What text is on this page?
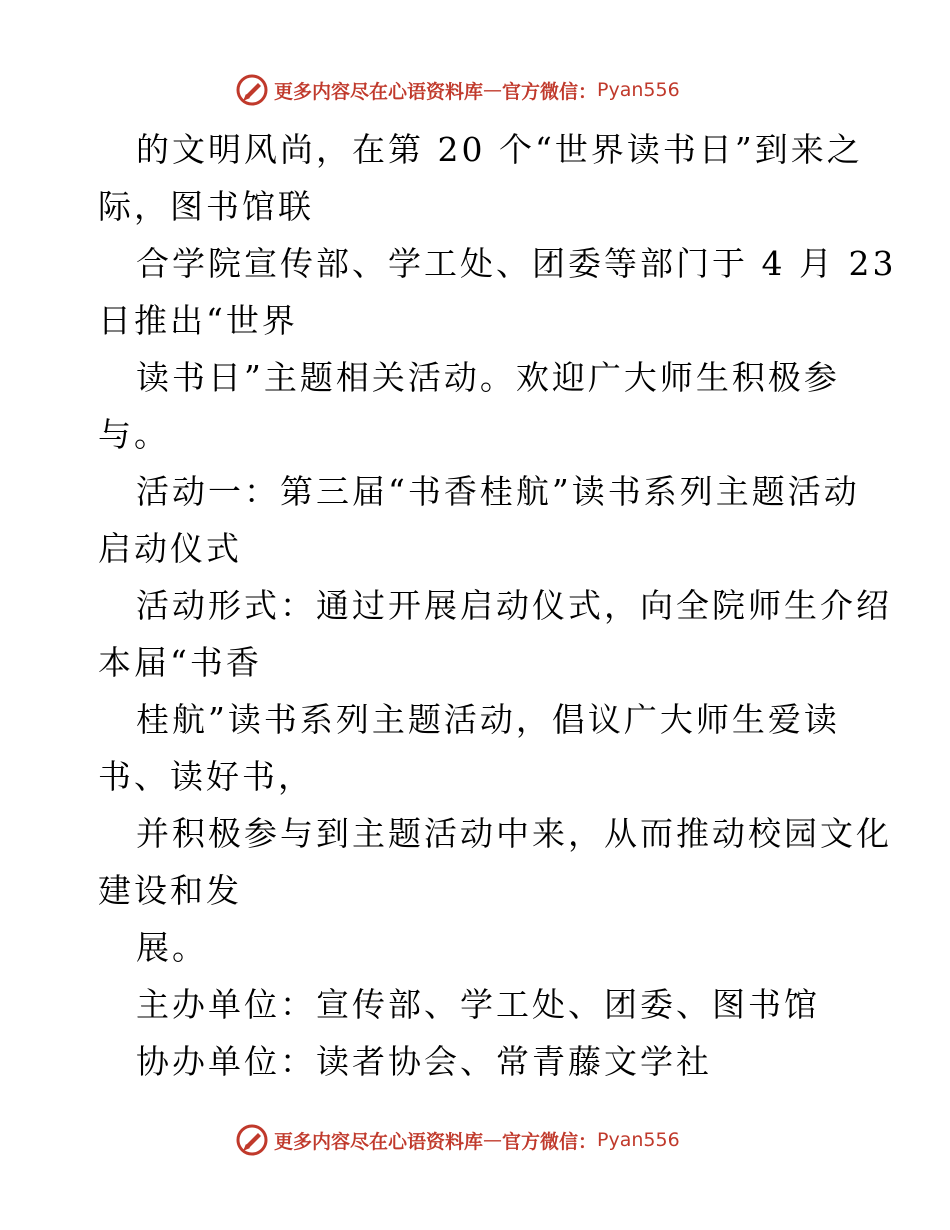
更多内容尽在心语资料库 — 官方微信： Pyan556
的文明风尚，在第 20 个“世界读书日”到来之
际，图书馆联
合学院宣传部、学工处、团委等部门于 4 月 23
日推出“世界
读书日”主题相关活动。欢迎广大师生积极参
与。
活动一：第三届“书香桂航”读书系列主题活动
启动仪式
活动形式：通过开展启动仪式，向全院师生介绍
本届“书香
桂航”读书系列主题活动，倡议广大师生爱读
书、读好书，
并积极参与到主题活动中来，从而推动校园文化
建设和发
展。
主办单位：宣传部、学工处、团委、图书馆
协办单位：读者协会、常青藤文学社
更多内容尽在心语资料库 — 官方微信： Pyan556
